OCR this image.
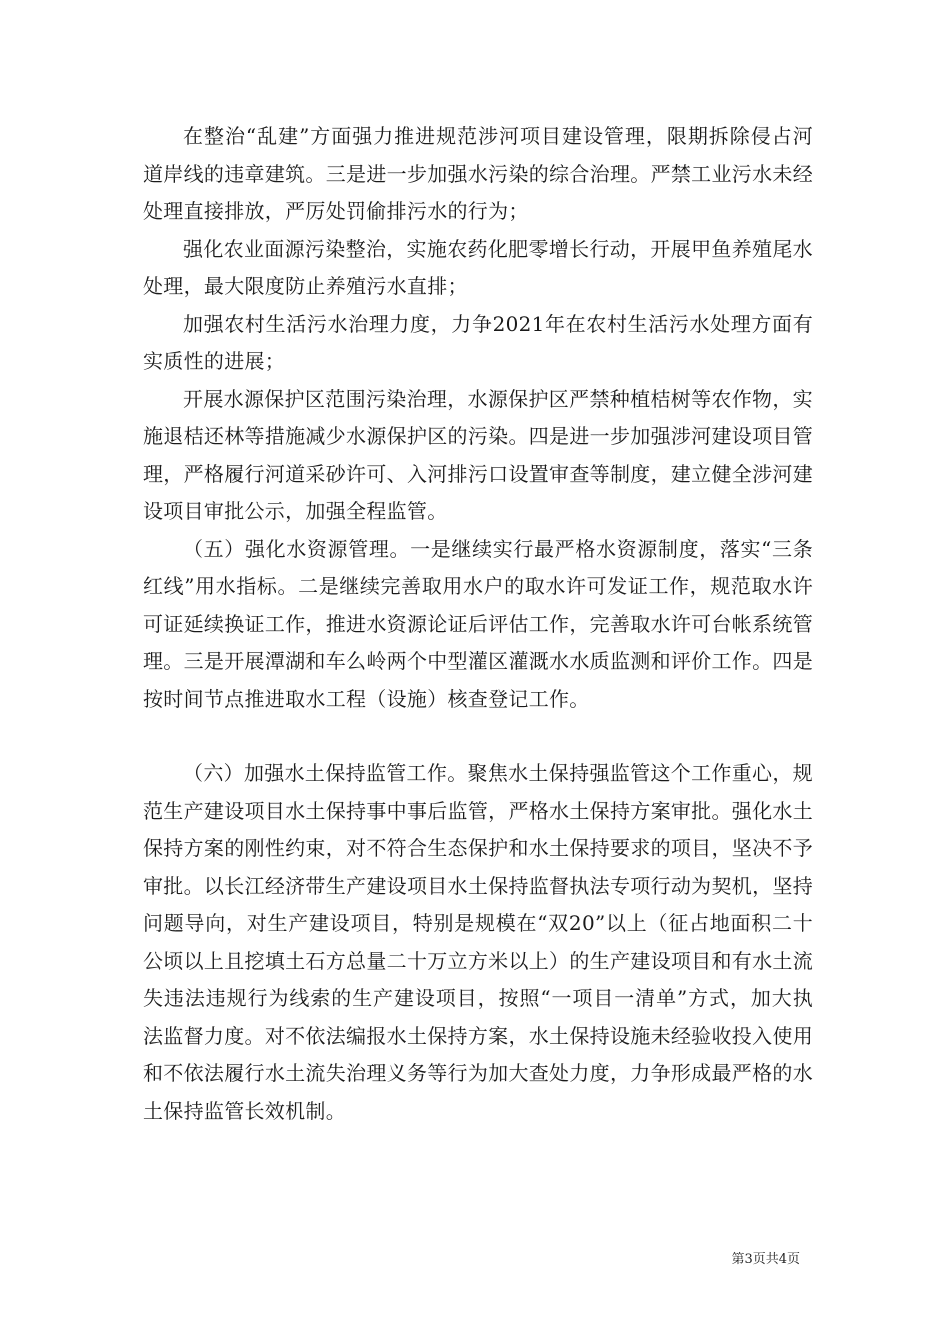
在整治“乱建”方面强力推进规范涉河项目建设管理，限期拆除侵占河道岸线的违章建筑。三是进一步加强水污染的综合治理。严禁工业污水未经处理直接排放，严厉处罚偷排污水的行为；

强化农业面源污染整治，实施农药化肥零增长行动，开展甲鱼养殖尾水处理，最大限度防止养殖污水直排；

加强农村生活污水治理力度，力争2021年在农村生活污水处理方面有实质性的进展；

开展水源保护区范围污染治理，水源保护区严禁种植桔树等农作物，实施退桔还林等措施减少水源保护区的污染。四是进一步加强涉河建设项目管理，严格履行河道采砂许可、入河排污口设置审查等制度，建立健全涉河建设项目审批公示，加强全程监管。

（五）强化水资源管理。一是继续实行最严格水资源制度，落实“三条红线”用水指标。二是继续完善取用水户的取水许可发证工作，规范取水许可证延续换证工作，推进水资源论证后评估工作，完善取水许可台帐系统管理。三是开展潭湖和车么岭两个中型灌区灌溉水水质监测和评价工作。四是按时间节点推进取水工程（设施）核查登记工作。

（六）加强水土保持监管工作。聚焦水土保持强监管这个工作重心，规范生产建设项目水土保持事中事后监管，严格水土保持方案审批。强化水土保持方案的刚性约束，对不符合生态保护和水土保持要求的项目，坚决不予审批。以长江经济带生产建设项目水土保持监督执法专项行动为契机，坚持问题导向，对生产建设项目，特别是规模在“双20”以上（征占地面积二十公顷以上且挖填土石方总量二十万立方米以上）的生产建设项目和有水土流失违法违规行为线索的生产建设项目，按照“一项目一清单”方式，加大执法监督力度。对不依法编报水土保持方案，水土保持设施未经验收投入使用和不依法履行水土流失治理义务等行为加大查处力度，力争形成最严格的水土保持监管长效机制。

第3页共4页
